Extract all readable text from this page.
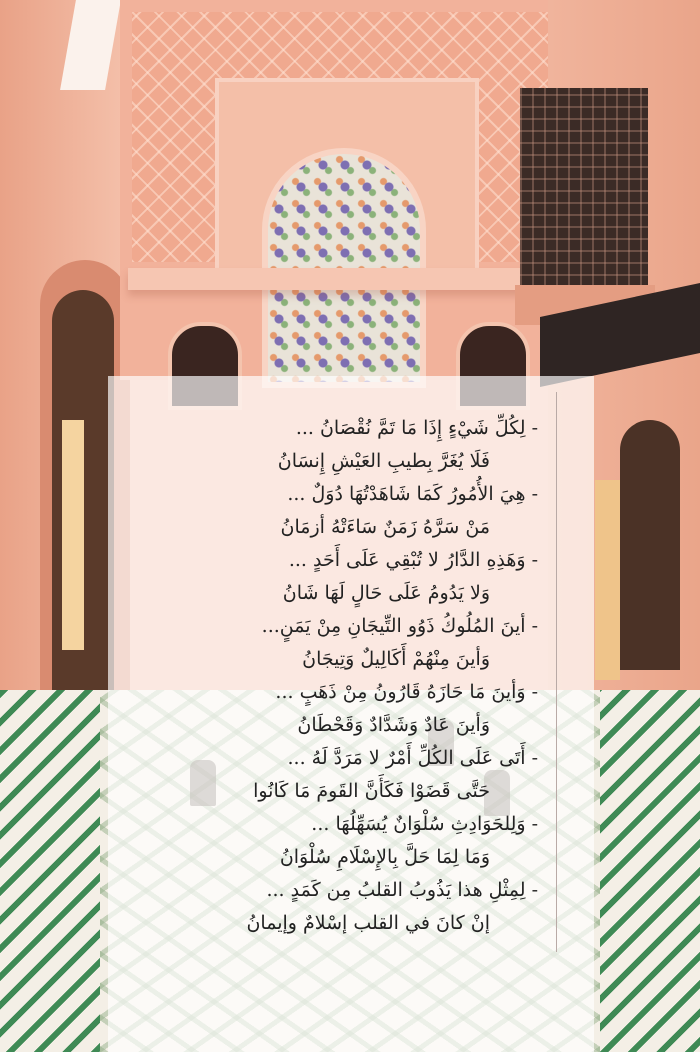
-لِكُلِّ شَيْءٍ إِذَا مَا تَمَّ نُقْصَانُ ...
فَلَا يُغَرَّ بِطيبِ العَيْشِ إِنسَانُ
-هِيَ الأُمُورُ كَمَا شَاهَدْتُهَا دُوَلٌ ...
مَنْ سَرَّهُ زَمَنٌ سَاءَتْهُ أزمَانُ
-وَهَذِهِ الدَّارُ لا تُبْقِي عَلَى أَحَدٍ ...
وَلا يَدُومُ عَلَى حَالٍ لَهَا شَانُ
-أينَ المُلُوكُ ذَوُو التِّيجَانِ مِنْ يَمَنٍ...
وَأينَ مِنْهُمْ أَكَالِيلٌ وَتِيجَانُ
-وَأينَ مَا حَازَهُ قَارُونُ مِنْ ذَهَبٍ ...
وَأينَ عَادٌ وَشَدَّادٌ وَقَحْطَانُ
-أَتَى عَلَى الكُلِّ أَمْرٌ لا مَرَدَّ لَهُ ...
حَتَّى قَضَوْا فَكَأَنَّ القَومَ مَا كَانُوا
-وَلِلحَوَادِثِ سُلْوَانٌ يُسَهِّلُهَا ...
وَمَا لِمَا حَلَّ بِالإِسْلَامِ سُلْوَانُ
-لِمِثْلِ هذا يَذُوبُ القلبُ مِن كَمَدٍ ...
إنْ كانَ في القلب إسْلامٌ وإيمانُ
